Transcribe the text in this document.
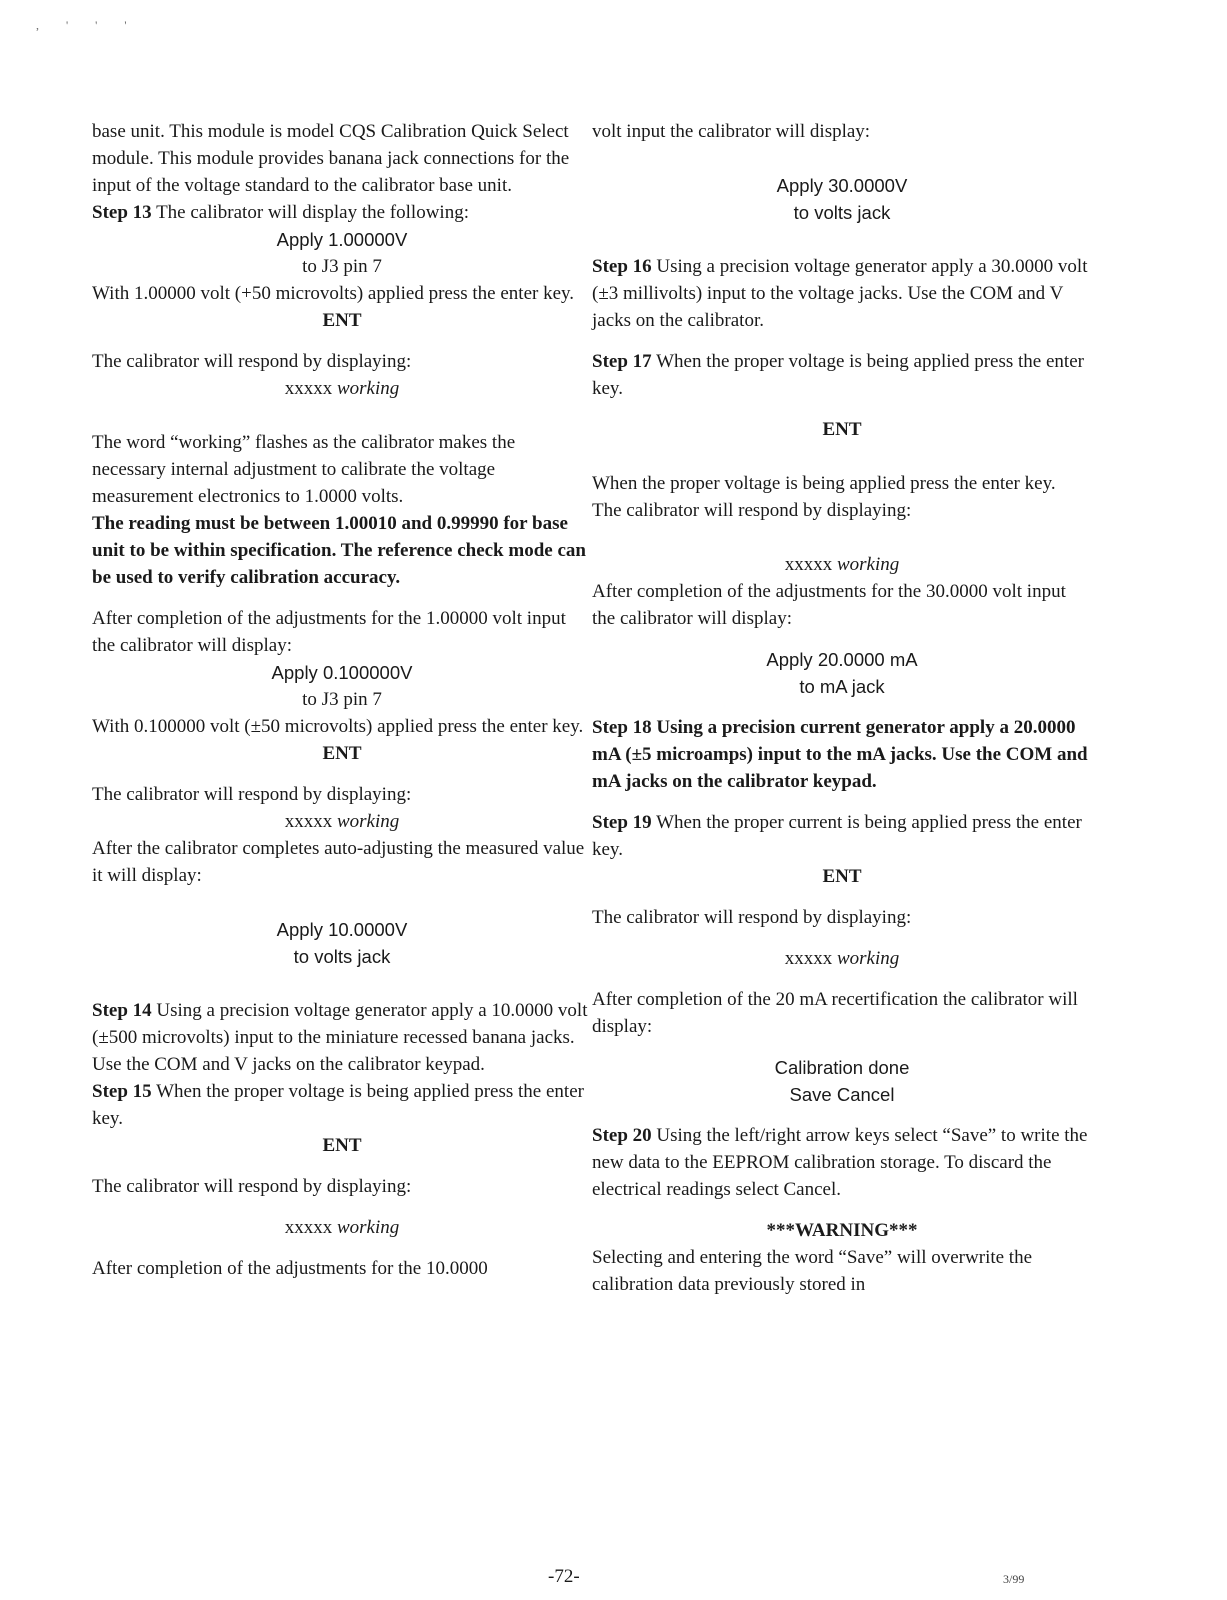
, ' ' '

base unit. This module is model CQS Calibration Quick Select module. This module provides banana jack connections for the input of the voltage standard to the calibrator base unit.

Step 13 The calibrator will display the following:

Apply 1.00000V

to J3 pin 7

With 1.00000 volt (+50 microvolts) applied press the enter key.

ENT

The calibrator will respond by displaying:

xxxxx working

The word “working” flashes as the calibrator makes the necessary internal adjustment to calibrate the voltage measurement electronics to 1.0000 volts.

The reading must be between 1.00010 and 0.99990 for base unit to be within specification. The reference check mode can be used to verify calibration accuracy.

After completion of the adjustments for the 1.00000 volt input the calibrator will display:

Apply 0.100000V

to J3 pin 7

With 0.100000 volt (±50 microvolts) applied press the enter key.

ENT

The calibrator will respond by displaying:

xxxxx working

After the calibrator completes auto-adjusting the measured value it will display:

Apply 10.0000V

to volts jack

Step 14 Using a precision voltage generator apply a 10.0000 volt (±500 microvolts) input to the miniature recessed banana jacks. Use the COM and V jacks on the calibrator keypad.

Step 15 When the proper voltage is being applied press the enter key.

ENT

The calibrator will respond by displaying:

xxxxx working

After completion of the adjustments for the 10.0000

volt input the calibrator will display:

Apply 30.0000V

to volts jack

Step 16 Using a precision voltage generator apply a 30.0000 volt (±3 millivolts) input to the voltage jacks. Use the COM and V jacks on the calibrator.

Step 17 When the proper voltage is being applied press the enter key.

ENT

When the proper voltage is being applied press the enter key.

The calibrator will respond by displaying:

xxxxx working

After completion of the adjustments for the 30.0000 volt input the calibrator will display:

Apply 20.0000 mA

to mA jack

Step 18 Using a precision current generator apply a 20.0000 mA (±5 microamps) input to the mA jacks. Use the COM and mA jacks on the calibrator keypad.

Step 19 When the proper current is being applied press the enter key.

ENT

The calibrator will respond by displaying:

xxxxx working

After completion of the 20 mA recertification the calibrator will display:

Calibration done

Save Cancel

Step 20 Using the left/right arrow keys select “Save” to write the new data to the EEPROM calibration storage. To discard the electrical readings select Cancel.

***WARNING***

Selecting and entering the word “Save” will overwrite the calibration data previously stored in

-72-	3/99
